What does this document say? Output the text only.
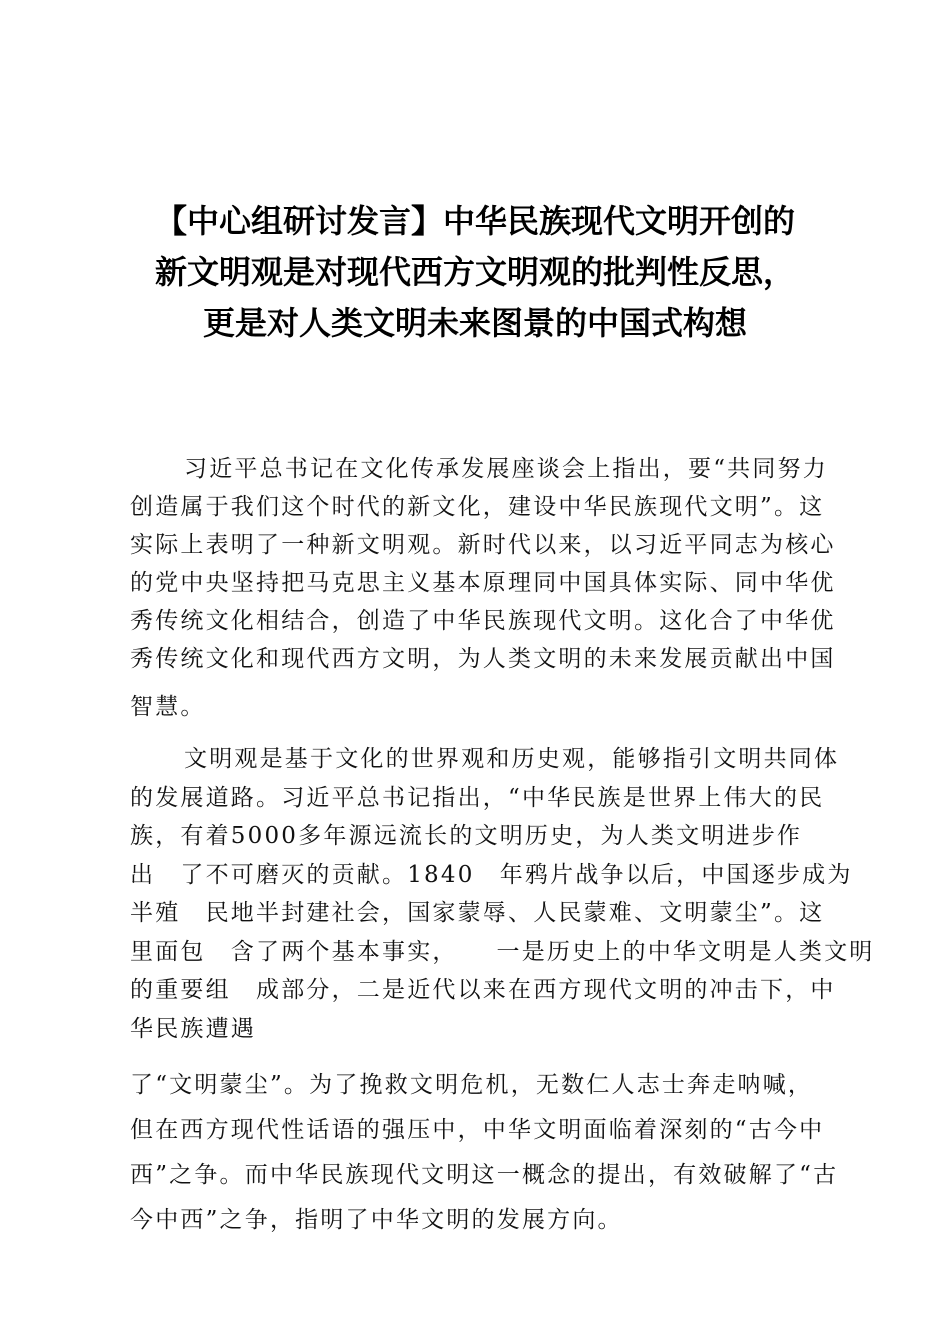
【中心组研讨发言】中华民族现代文明开创的
新文明观是对现代西方文明观的批判性反思，
更是对人类文明未来图景的中国式构想
习近平总书记在文化传承发展座谈会上指出，要“共同努力
创造属于我们这个时代的新文化，建设中华民族现代文明”。这
实际上表明了一种新文明观。新时代以来，以习近平同志为核心
的党中央坚持把马克思主义基本原理同中国具体实际、同中华优
秀传统文化相结合，创造了中华民族现代文明。这化合了中华优
秀传统文化和现代西方文明，为人类文明的未来发展贡献出中国
智慧。
文明观是基于文化的世界观和历史观，能够指引文明共同体
的发展道路。习近平总书记指出，“中华民族是世界上伟大的民
族，有着5000多年源远流长的文明历史，为人类文明进步作
出　了不可磨灭的贡献。1840　年鸦片战争以后，中国逐步成为
半殖　民地半封建社会，国家蒙辱、人民蒙难、文明蒙尘”。这
里面包　含了两个基本事实，　　一是历史上的中华文明是人类文明
的重要组　成部分，二是近代以来在西方现代文明的冲击下，中
华民族遭遇
了“文明蒙尘”。为了挽救文明危机，无数仁人志士奔走呐喊，
但在西方现代性话语的强压中，中华文明面临着深刻的“古今中
西”之争。而中华民族现代文明这一概念的提出，有效破解了“古
今中西”之争，指明了中华文明的发展方向。
